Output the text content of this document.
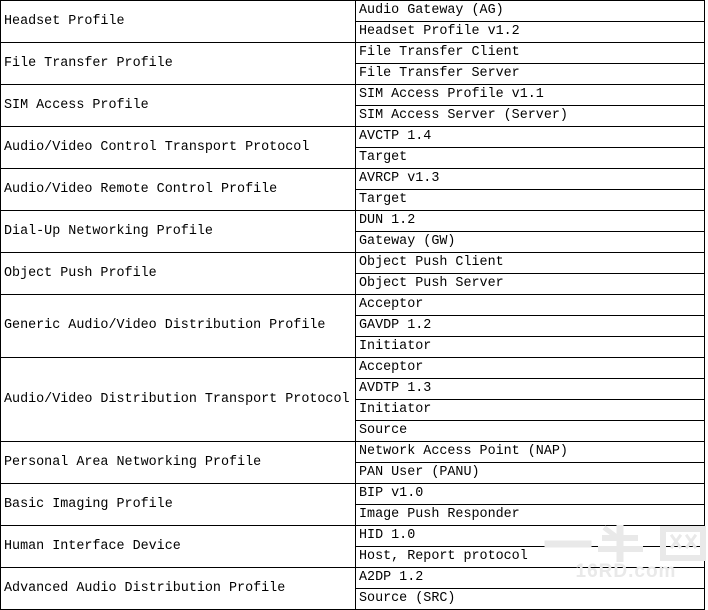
Headset Profile	Audio Gateway (AG)
	Headset Profile v1.2
File Transfer Profile	File Transfer Client
	File Transfer Server
SIM Access Profile	SIM Access Profile v1.1
	SIM Access Server (Server)
Audio/Video Control Transport Protocol	AVCTP 1.4
	Target
Audio/Video Remote Control Profile	AVRCP v1.3
	Target
Dial-Up Networking Profile	DUN 1.2
	Gateway (GW)
Object Push Profile	Object Push Client
	Object Push Server
Generic Audio/Video Distribution Profile	Acceptor
	GAVDP 1.2
	Initiator
Audio/Video Distribution Transport Protocol	Acceptor
	AVDTP 1.3
	Initiator
	Source
Personal Area Networking Profile	Network Access Point (NAP)
	PAN User (PANU)
Basic Imaging Profile	BIP v1.0
	Image Push Responder
Human Interface Device	HID 1.0
	Host, Report protocol
Advanced Audio Distribution Profile	A2DP 1.2
	Source (SRC)
16RD.com
